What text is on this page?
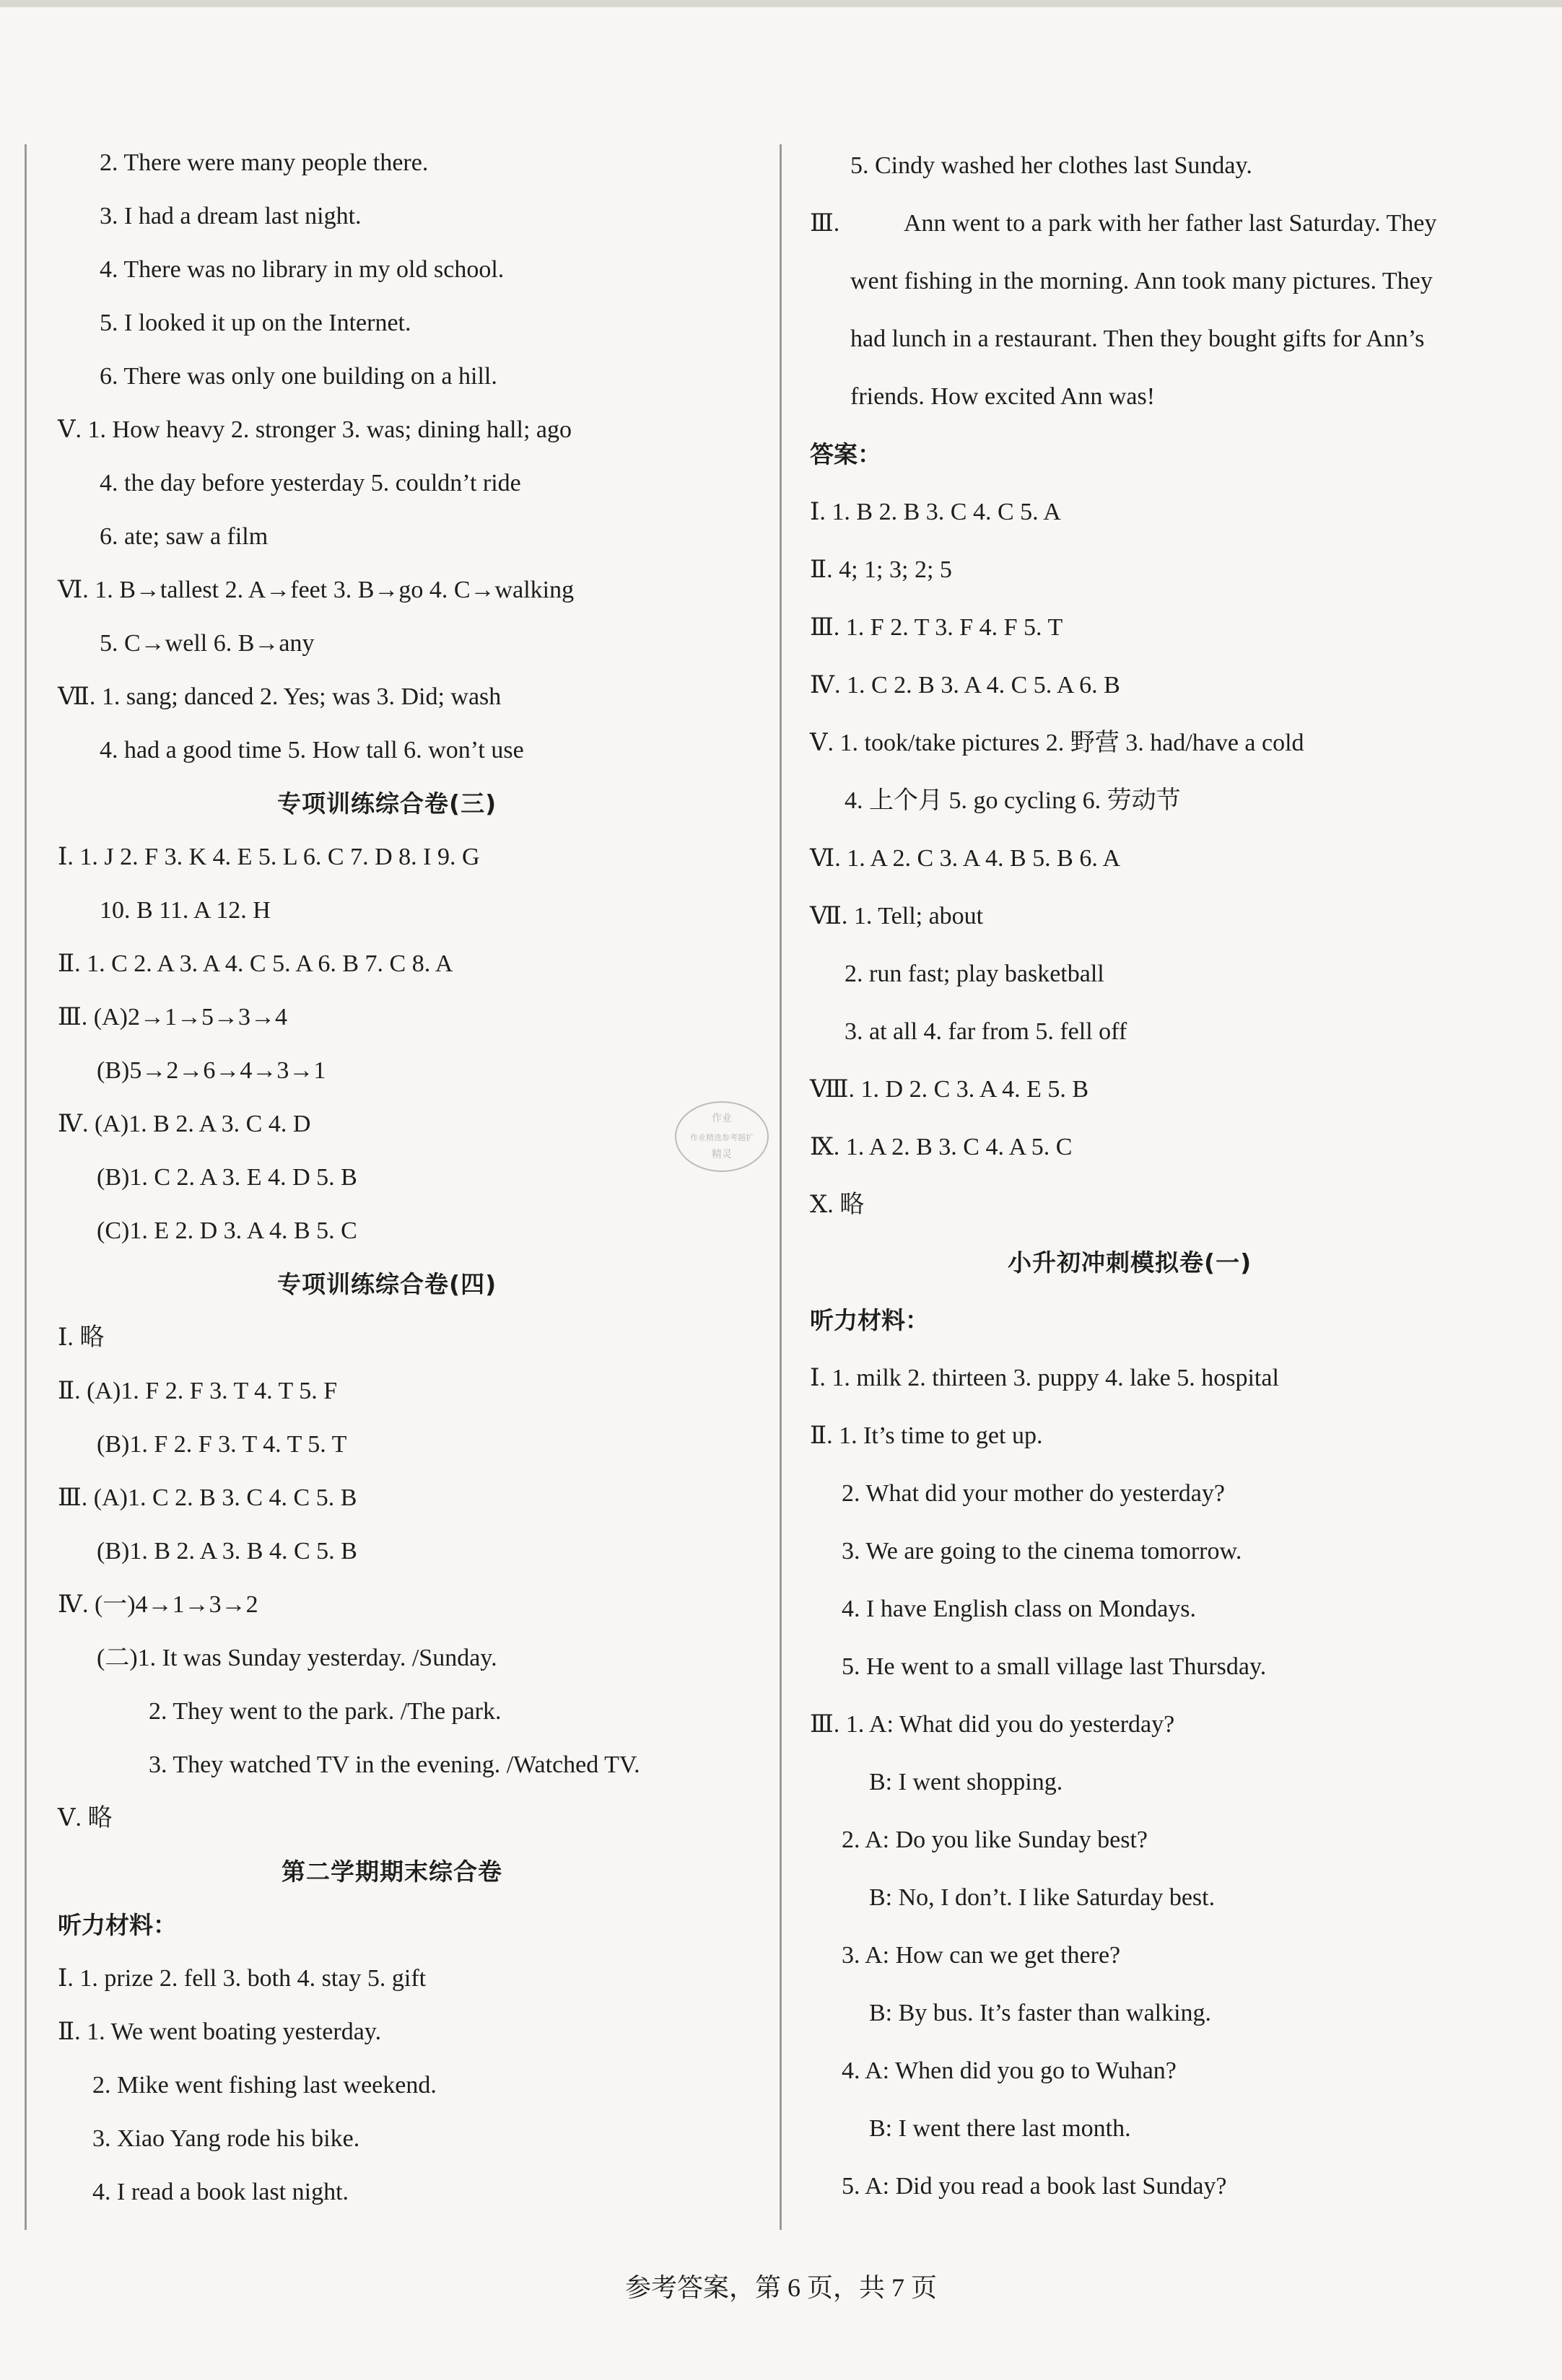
2. There were many people there.
3. I had a dream last night.
4. There was no library in my old school.
5. I looked it up on the Internet.
6. There was only one building on a hill.
Ⅴ. 1. How heavy 2. stronger 3. was; dining hall; ago
4. the day before yesterday 5. couldn’t ride
6. ate; saw a film
Ⅵ. 1. B→tallest 2. A→feet 3. B→go 4. C→walking
5. C→well 6. B→any
Ⅶ. 1. sang; danced 2. Yes; was 3. Did; wash
4. had a good time 5. How tall 6. won’t use
专项训练综合卷(三)
Ⅰ. 1. J 2. F 3. K 4. E 5. L 6. C 7. D 8. I 9. G
10. B 11. A 12. H
Ⅱ. 1. C 2. A 3. A 4. C 5. A 6. B 7. C 8. A
Ⅲ. (A)2→1→5→3→4
(B)5→2→6→4→3→1
Ⅳ. (A)1. B 2. A 3. C 4. D
(B)1. C 2. A 3. E 4. D 5. B
(C)1. E 2. D 3. A 4. B 5. C
专项训练综合卷(四)
Ⅰ. 略
Ⅱ. (A)1. F 2. F 3. T 4. T 5. F
(B)1. F 2. F 3. T 4. T 5. T
Ⅲ. (A)1. C 2. B 3. C 4. C 5. B
(B)1. B 2. A 3. B 4. C 5. B
Ⅳ. (一)4→1→3→2
(二)1. It was Sunday yesterday. /Sunday.
2. They went to the park. /The park.
3. They watched TV in the evening. /Watched TV.
Ⅴ. 略
第二学期期末综合卷
听力材料：
Ⅰ. 1. prize 2. fell 3. both 4. stay 5. gift
Ⅱ. 1. We went boating yesterday.
2. Mike went fishing last weekend.
3. Xiao Yang rode his bike.
4. I read a book last night.
5. Cindy washed her clothes last Sunday.
Ⅲ.	Ann went to a park with her father last Saturday. They
went fishing in the morning. Ann took many pictures. They
had lunch in a restaurant. Then they bought gifts for Ann’s
friends. How excited Ann was!
答案：
Ⅰ. 1. B 2. B 3. C 4. C 5. A
Ⅱ. 4; 1; 3; 2; 5
Ⅲ. 1. F 2. T 3. F 4. F 5. T
Ⅳ. 1. C 2. B 3. A 4. C 5. A 6. B
Ⅴ. 1. took/take pictures 2. 野营 3. had/have a cold
4. 上个月 5. go cycling 6. 劳动节
Ⅵ. 1. A 2. C 3. A 4. B 5. B 6. A
Ⅶ. 1. Tell; about
2. run fast; play basketball
3. at all 4. far from 5. fell off
Ⅷ. 1. D 2. C 3. A 4. E 5. B
Ⅸ. 1. A 2. B 3. C 4. A 5. C
Ⅹ. 略
小升初冲刺模拟卷(一)
听力材料：
Ⅰ. 1. milk 2. thirteen 3. puppy 4. lake 5. hospital
Ⅱ. 1. It’s time to get up.
2. What did your mother do yesterday?
3. We are going to the cinema tomorrow.
4. I have English class on Mondays.
5. He went to a small village last Thursday.
Ⅲ. 1. A: What did you do yesterday?
B: I went shopping.
2. A: Do you like Sunday best?
B: No, I don’t. I like Saturday best.
3. A: How can we get there?
B: By bus. It’s faster than walking.
4. A: When did you go to Wuhan?
B: I went there last month.
5. A: Did you read a book last Sunday?
作业
作业精选参考题扩
精灵
参考答案，第 6 页，共 7 页
